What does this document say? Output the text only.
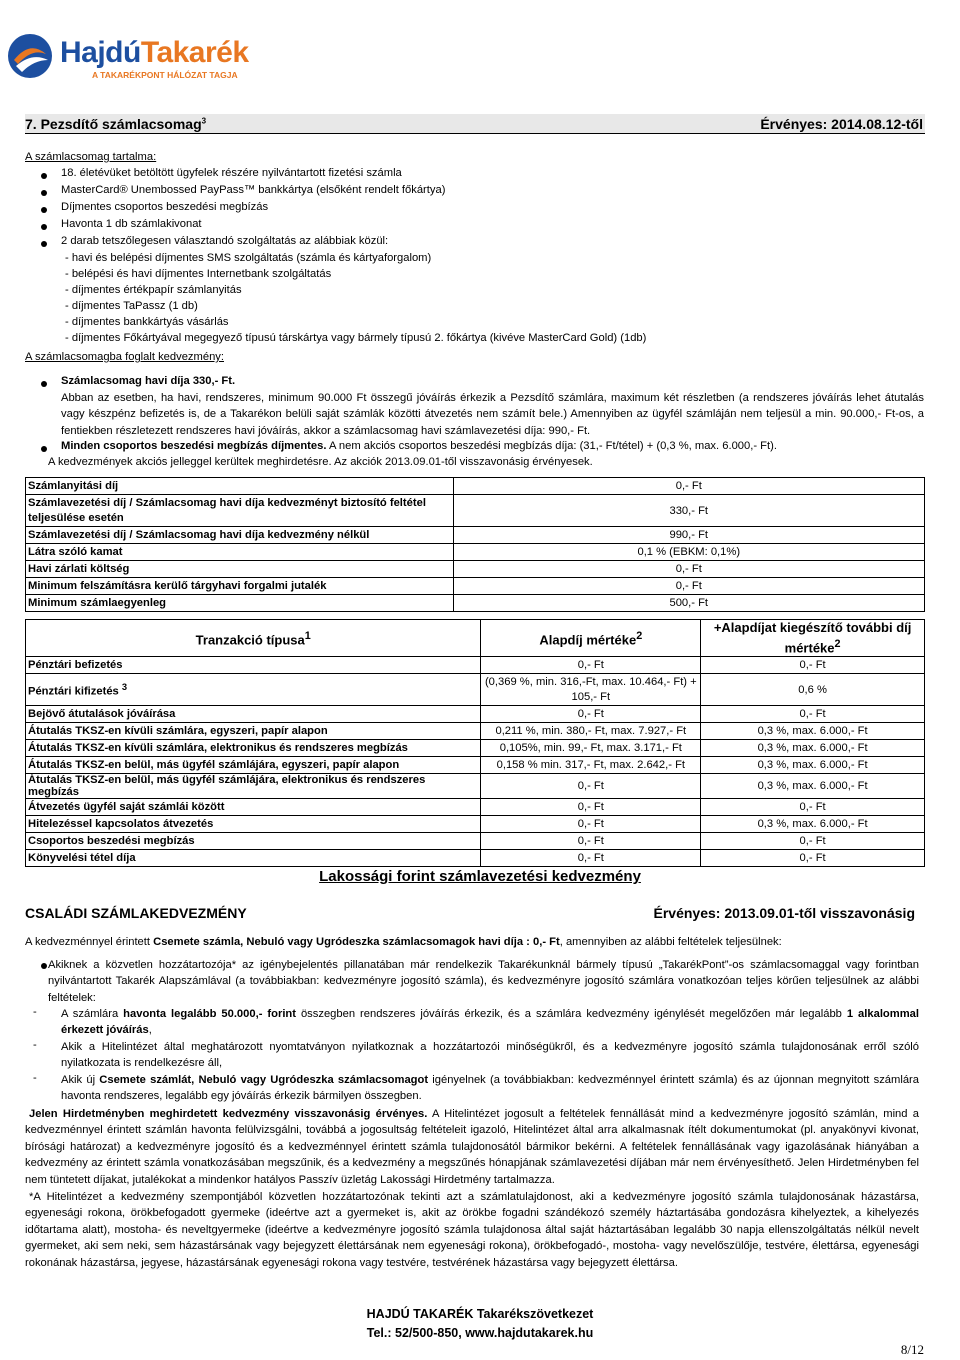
HajdúTakarék
A TAKARÉKPONT HÁLÓZAT TAGJA
7. Pezsdítő számlacsomag$^3$	Érvényes: 2014.08.12-től
A számlacsomag tartalma:
18. életévüket betöltött ügyfelek részére nyilvántartott fizetési számla
MasterCard® Unembossed PayPass™ bankkártya (elsőként rendelt főkártya)
Díjmentes csoportos beszedési megbízás
Havonta 1 db számlakivonat
2 darab tetszőlegesen választandó szolgáltatás az alábbiak közül:
- havi és belépési díjmentes SMS szolgáltatás (számla és kártyaforgalom)
- belépési és havi díjmentes Internetbank szolgáltatás
- díjmentes értékpapír számlanyitás
- díjmentes TaPassz (1 db)
- díjmentes bankkártyás vásárlás
- díjmentes Főkártyával megegyező típusú társkártya vagy bármely típusú 2. főkártya (kivéve MasterCard Gold) (1db)
A számlacsomagba foglalt kedvezmény:
Számlacsomag havi díja 330,- Ft.
Abban az esetben, ha havi, rendszeres, minimum 90.000 Ft összegű jóváírás érkezik a Pezsdítő számlára, maximum két részletben (a rendszeres jóváírás lehet átutalás vagy készpénz befizetés is, de a Takarékon belüli saját számlák közötti átvezetés nem számít bele.) Amennyiben az ügyfél számláján nem teljesül a min. 90.000,- Ft-os, a fentiekben részletezett rendszeres havi jóváírás, akkor a számlacsomag havi számlavezetési díja: 990,- Ft.
Minden csoportos beszedési megbízás díjmentes. A nem akciós csoportos beszedési megbízás díja: (31,- Ft/tétel) + (0,3 %, max. 6.000,- Ft).
A kedvezmények akciós jelleggel kerültek meghirdetésre. Az akciók 2013.09.01-től visszavonásig érvényesek.
Számlanyitási díj	0,- Ft
Számlavezetési díj / Számlacsomag havi díja kedvezményt biztosító feltétel teljesülése esetén	330,- Ft
Számlavezetési díj / Számlacsomag havi díja kedvezmény nélkül	990,- Ft
Látra szóló kamat	0,1 % (EBKM: 0,1%)
Havi zárlati költség	0,- Ft
Minimum felszámításra kerülő tárgyhavi forgalmi jutalék	0,- Ft
Minimum számlaegyenleg	500,- Ft
Tranzakció típusa$^1$	Alapdíj mértéke$^2$	+Alapdíjat kiegészítő további díj mértéke$^2$
Pénztári befizetés	0,- Ft	0,- Ft
Pénztári kifizetés $^3$	(0,369 %, min. 316,-Ft, max. 10.464,- Ft) + 105,- Ft	0,6 %
Bejövő átutalások jóváírása	0,- Ft	0,- Ft
Átutalás TKSZ-en kívüli számlára, egyszeri, papír alapon	0,211 %, min. 380,- Ft, max. 7.927,- Ft	0,3 %, max. 6.000,- Ft
Átutalás TKSZ-en kívüli számlára, elektronikus és rendszeres megbízás	0,105%, min. 99,- Ft, max. 3.171,- Ft	0,3 %, max. 6.000,- Ft
Átutalás TKSZ-en belül, más ügyfél számlájára, egyszeri, papír alapon	0,158 % min. 317,- Ft, max. 2.642,- Ft	0,3 %, max. 6.000,- Ft
Átutalás TKSZ-en belül, más ügyfél számlájára, elektronikus és rendszeres megbízás	0,- Ft	0,3 %, max. 6.000,- Ft
Átvezetés ügyfél saját számlái között	0,- Ft	0,- Ft
Hitelezéssel kapcsolatos átvezetés	0,- Ft	0,3 %, max. 6.000,- Ft
Csoportos beszedési megbízás	0,- Ft	0,- Ft
Könyvelési tétel díja	0,- Ft	0,- Ft
Lakossági forint számlavezetési kedvezmény
CSALÁDI SZÁMLAKEDVEZMÉNY	Érvényes: 2013.09.01-től visszavonásig
A kedvezménnyel érintett Csemete számla, Nebuló vagy Ugródeszka számlacsomagok havi díja : 0,- Ft, amennyiben az alábbi feltételek teljesülnek:
Akiknek a közvetlen hozzátartozója* az igénybejelentés pillanatában már rendelkezik Takarékunknál bármely típusú „TakarékPont”-os számlacsomaggal vagy forintban nyilvántartott Takarék Alapszámlával (a továbbiakban: kedvezményre jogosító számla), és kedvezményre jogosító számlára vonatkozóan teljes körűen teljesülnek az alábbi feltételek:
- A számlára havonta legalább 50.000,- forint összegben rendszeres jóváírás érkezik, és a számlára kedvezmény igénylését megelőzően már legalább 1 alkalommal érkezett jóváírás,
- Akik a Hitelintézet által meghatározott nyomtatványon nyilatkoznak a hozzátartozói minőségükről, és a kedvezményre jogosító számla tulajdonosának erről szóló nyilatkozata is rendelkezésre áll,
- Akik új Csemete számlát, Nebuló vagy Ugródeszka számlacsomagot igényelnek (a továbbiakban: kedvezménnyel érintett számla) és az újonnan megnyitott számlára havonta rendszeres, legalább egy jóváírás érkezik bármilyen összegben.
Jelen Hirdetményben meghirdetett kedvezmény visszavonásig érvényes. A Hitelintézet jogosult a feltételek fennállását mind a kedvezményre jogosító számlán, mind a kedvezménnyel érintett számlán havonta felülvizsgálni, továbbá a jogosultság feltételeit igazoló, Hitelintézet által arra alkalmasnak ítélt dokumentumokat (pl. anyakönyvi kivonat, bírósági határozat) a kedvezményre jogosító és a kedvezménnyel érintett számla tulajdonosától bármikor bekérni. A feltételek fennállásának vagy igazolásának hiányában a kedvezmény az érintett számla vonatkozásában megszűnik, és a kedvezmény a megszűnés hónapjának számlavezetési díjában már nem érvényesíthető. Jelen Hirdetményben fel nem tüntetett díjakat, jutalékokat a mindenkor hatályos Passzív üzletág Lakossági Hirdetmény tartalmazza.
*A Hitelintézet a kedvezmény szempontjából közvetlen hozzátartozónak tekinti azt a számlatulajdonost, aki a kedvezményre jogosító számla tulajdonosának házastársa, egyenesági rokona, örökbefogadott gyermeke (ideértve azt a gyermeket is, akit az örökbe fogadni szándékozó személy háztartásába gondozásra kihelyeztek, a kihelyezés időtartama alatt), mostoha- és neveltgyermeke (ideértve a kedvezményre jogosító számla tulajdonosa által saját háztartásában legalább 30 napja ellenszolgáltatás nélkül nevelt gyermeket, aki sem neki, sem házastársának vagy bejegyzett élettársának nem egyenesági rokona), örökbefogadó-, mostoha- vagy nevelőszülője, testvére, élettársa, egyenesági rokonának házastársa, jegyese, házastársának egyenesági rokona vagy testvére, testvérének házastársa vagy bejegyzett élettársa.
HAJDÚ TAKARÉK Takarékszövetkezet
Tel.: 52/500-850, www.hajdutakarek.hu
8/12
